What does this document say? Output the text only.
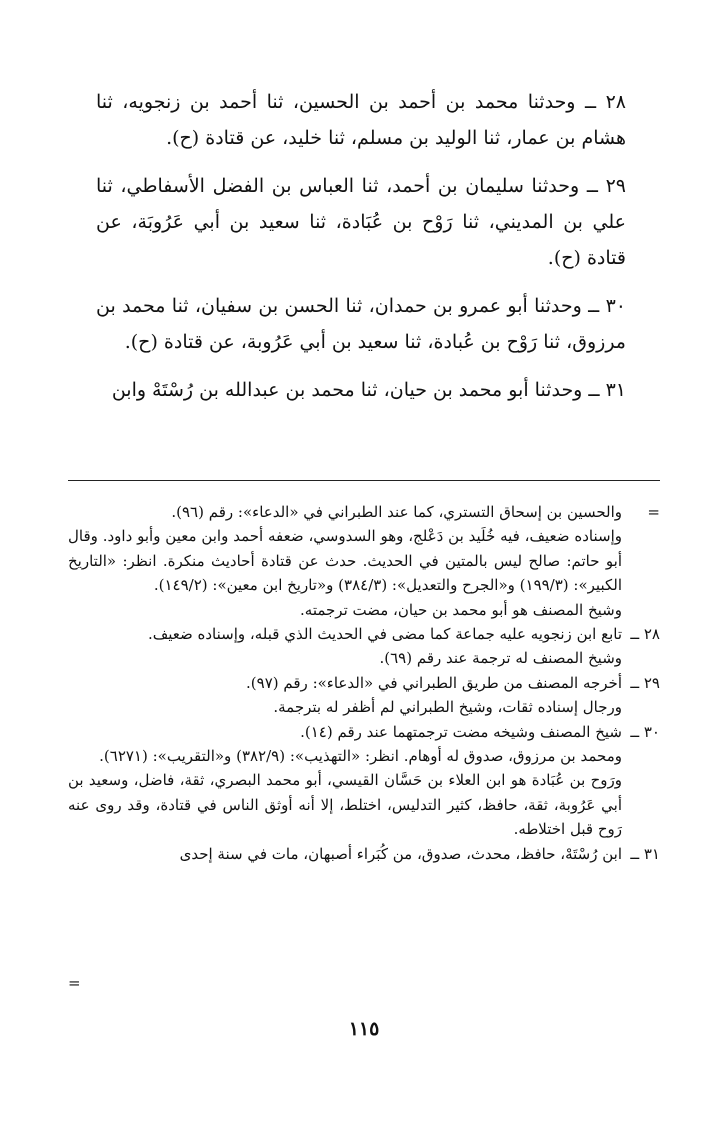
٢٨ ــ وحدثنا محمد بن أحمد بن الحسين، ثنا أحمد بن زنجويه، ثنا هشام بن عمار، ثنا الوليد بن مسلم، ثنا خليد، عن قتادة (ح).

٢٩ ــ وحدثنا سليمان بن أحمد، ثنا العباس بن الفضل الأسفاطي، ثنا علي بن المديني، ثنا رَوْح بن عُبَادة، ثنا سعيد بن أبي عَرُوبَة، عن قتادة (ح).

٣٠ ــ وحدثنا أبو عمرو بن حمدان، ثنا الحسن بن سفيان، ثنا محمد بن مرزوق، ثنا رَوْح بن عُبادة، ثنا سعيد بن أبي عَرُوبة، عن قتادة (ح).

٣١ ــ وحدثنا أبو محمد بن حيان، ثنا محمد بن عبدالله بن رُسْتَهْ وابن

=
والحسين بن إسحاق التستري، كما عند الطبراني في «الدعاء»: رقم (٩٦).
وإسناده ضعيف، فيه خُلَيد بن دَعْلج، وهو السدوسي، ضعفه أحمد وابن معين وأبو داود. وقال أبو حاتم: صالح ليس بالمتين في الحديث. حدث عن قتادة أحاديث منكرة. انظر: «التاريخ الكبير»: (١٩٩/٣) و«الجرح والتعديل»: (٣٨٤/٣) و«تاريخ ابن معين»: (١٤٩/٢).
وشيخ المصنف هو أبو محمد بن حيان، مضت ترجمته.
٢٨ ــ
تابع ابن زنجويه عليه جماعة كما مضى في الحديث الذي قبله، وإسناده ضعيف.
وشيخ المصنف له ترجمة عند رقم (٦٩).
٢٩ ــ
أخرجه المصنف من طريق الطبراني في «الدعاء»: رقم (٩٧).
ورجال إسناده ثقات، وشيخ الطبراني لم أظفر له بترجمة.
٣٠ ــ
شيخ المصنف وشيخه مضت ترجمتهما عند رقم (١٤).
ومحمد بن مرزوق، صدوق له أوهام. انظر: «التهذيب»: (٣٨٢/٩) و«التقريب»: (٦٢٧١).
ورَوح بن عُبَادة هو ابن العلاء بن حَسَّان القيسي، أبو محمد البصري، ثقة، فاضل، وسعيد بن أبي عَرُوبة، ثقة، حافظ، كثير التدليس، اختلط، إلا أنه أوثق الناس في قتادة، وقد روى عنه رَوح قبل اختلاطه.
٣١ ــ
ابن رُسْتَهْ، حافظ، محدث، صدوق، من كُبَراء أصبهان، مات في سنة إحدى
=
١١٥
